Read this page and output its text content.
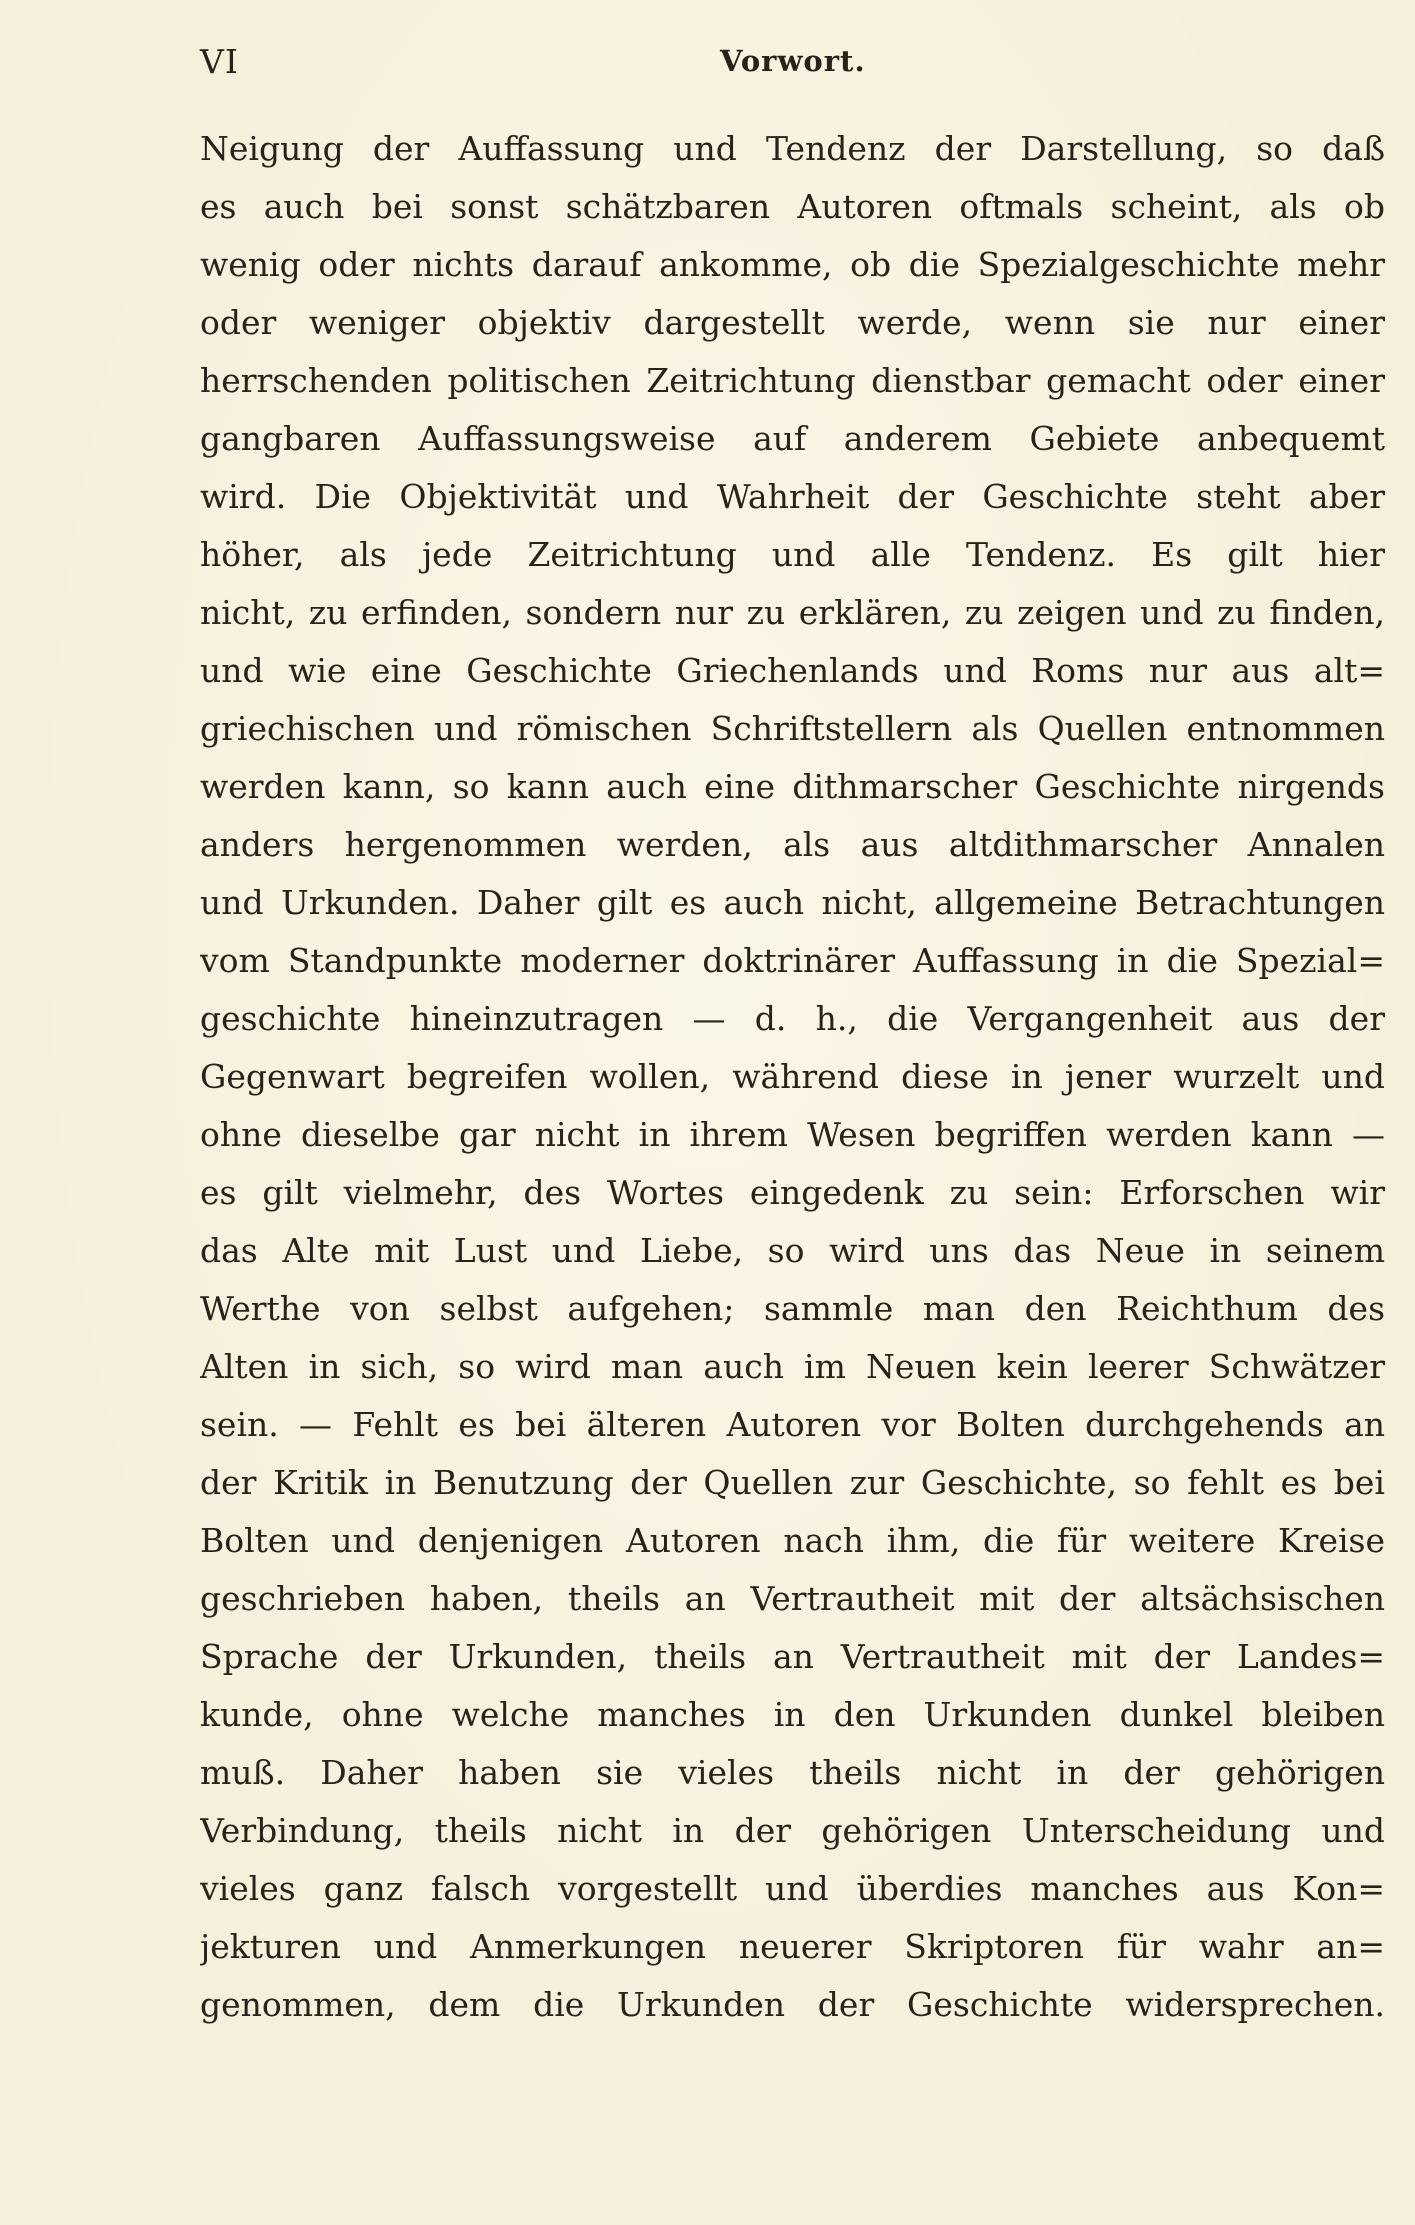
VI	Vorwort.
Neigung der Auffassung und Tendenz der Darstellung, so daß
es auch bei sonst schätzbaren Autoren oftmals scheint, als ob
wenig oder nichts darauf ankomme, ob die Spezialgeschichte mehr
oder weniger objektiv dargestellt werde, wenn sie nur einer
herrschenden politischen Zeitrichtung dienstbar gemacht oder einer
gangbaren Auffassungsweise auf anderem Gebiete anbequemt
wird. Die Objektivität und Wahrheit der Geschichte steht aber
höher, als jede Zeitrichtung und alle Tendenz. Es gilt hier
nicht, zu erfinden, sondern nur zu erklären, zu zeigen und zu finden,
und wie eine Geschichte Griechenlands und Roms nur aus alt=
griechischen und römischen Schriftstellern als Quellen entnommen
werden kann, so kann auch eine dithmarscher Geschichte nirgends
anders hergenommen werden, als aus altdithmarscher Annalen
und Urkunden. Daher gilt es auch nicht, allgemeine Betrachtungen
vom Standpunkte moderner doktrinärer Auffassung in die Spezial=
geschichte hineinzutragen — d. h., die Vergangenheit aus der
Gegenwart begreifen wollen, während diese in jener wurzelt und
ohne dieselbe gar nicht in ihrem Wesen begriffen werden kann —
es gilt vielmehr, des Wortes eingedenk zu sein: Erforschen wir
das Alte mit Lust und Liebe, so wird uns das Neue in seinem
Werthe von selbst aufgehen; sammle man den Reichthum des
Alten in sich, so wird man auch im Neuen kein leerer Schwätzer
sein. — Fehlt es bei älteren Autoren vor Bolten durchgehends an
der Kritik in Benutzung der Quellen zur Geschichte, so fehlt es bei
Bolten und denjenigen Autoren nach ihm, die für weitere Kreise
geschrieben haben, theils an Vertrautheit mit der altsächsischen
Sprache der Urkunden, theils an Vertrautheit mit der Landes=
kunde, ohne welche manches in den Urkunden dunkel bleiben
muß. Daher haben sie vieles theils nicht in der gehörigen
Verbindung, theils nicht in der gehörigen Unterscheidung und
vieles ganz falsch vorgestellt und überdies manches aus Kon=
jekturen und Anmerkungen neuerer Skriptoren für wahr an=
genommen, dem die Urkunden der Geschichte widersprechen.
